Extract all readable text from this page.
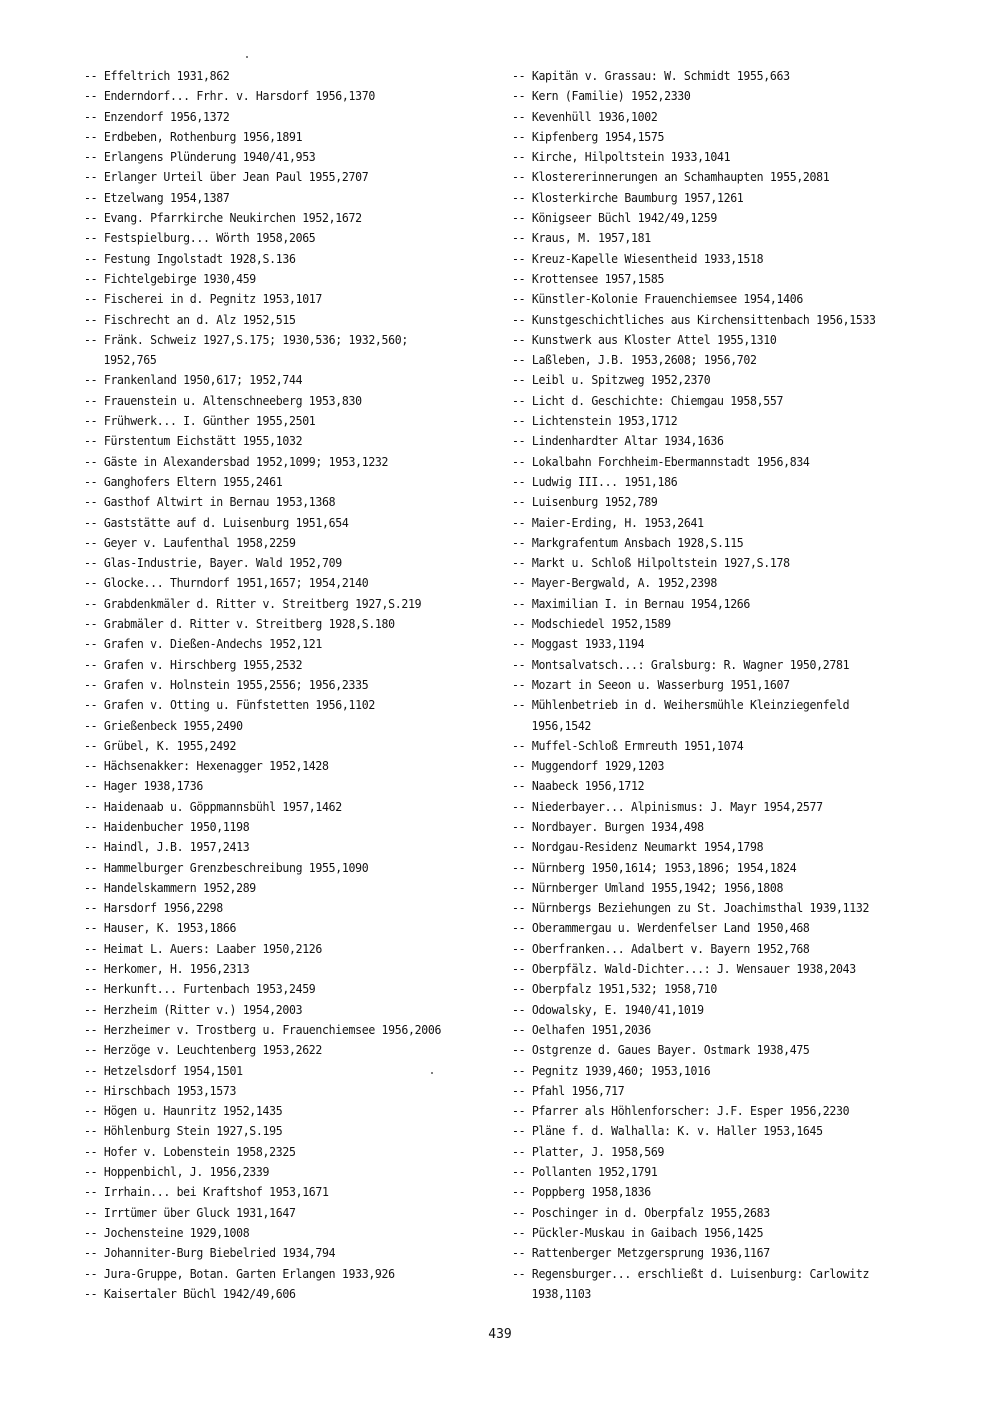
-- Effeltrich 1931,862
-- Enderndorf... Frhr. v. Harsdorf 1956,1370
-- Enzendorf 1956,1372
-- Erdbeben, Rothenburg 1956,1891
-- Erlangens Plünderung 1940/41,953
-- Erlanger Urteil über Jean Paul 1955,2707
-- Etzelwang 1954,1387
-- Evang. Pfarrkirche Neukirchen 1952,1672
-- Festspielburg... Wörth 1958,2065
-- Festung Ingolstadt 1928,S.136
-- Fichtelgebirge 1930,459
-- Fischerei in d. Pegnitz 1953,1017
-- Fischrecht an d. Alz 1952,515
-- Fränk. Schweiz 1927,S.175; 1930,536; 1932,560;
1952,765
-- Frankenland 1950,617; 1952,744
-- Frauenstein u. Altenschneeberg 1953,830
-- Frühwerk... I. Günther 1955,2501
-- Fürstentum Eichstätt 1955,1032
-- Gäste in Alexandersbad 1952,1099; 1953,1232
-- Ganghofers Eltern 1955,2461
-- Gasthof Altwirt in Bernau 1953,1368
-- Gaststätte auf d. Luisenburg 1951,654
-- Geyer v. Laufenthal 1958,2259
-- Glas-Industrie, Bayer. Wald 1952,709
-- Glocke... Thurndorf 1951,1657; 1954,2140
-- Grabdenkmäler d. Ritter v. Streitberg 1927,S.219
-- Grabmäler d. Ritter v. Streitberg 1928,S.180
-- Grafen v. Dießen-Andechs 1952,121
-- Grafen v. Hirschberg 1955,2532
-- Grafen v. Holnstein 1955,2556; 1956,2335
-- Grafen v. Otting u. Fünfstetten 1956,1102
-- Grießenbeck 1955,2490
-- Grübel, K. 1955,2492
-- Hächsenakker: Hexenagger 1952,1428
-- Hager 1938,1736
-- Haidenaab u. Göppmannsbühl 1957,1462
-- Haidenbucher 1950,1198
-- Haindl, J.B. 1957,2413
-- Hammelburger Grenzbeschreibung 1955,1090
-- Handelskammern 1952,289
-- Harsdorf 1956,2298
-- Hauser, K. 1953,1866
-- Heimat L. Auers: Laaber 1950,2126
-- Herkomer, H. 1956,2313
-- Herkunft... Furtenbach 1953,2459
-- Herzheim (Ritter v.) 1954,2003
-- Herzheimer v. Trostberg u. Frauenchiemsee 1956,2006
-- Herzöge v. Leuchtenberg 1953,2622
-- Hetzelsdorf 1954,1501
-- Hirschbach 1953,1573
-- Högen u. Haunritz 1952,1435
-- Höhlenburg Stein 1927,S.195
-- Hofer v. Lobenstein 1958,2325
-- Hoppenbichl, J. 1956,2339
-- Irrhain... bei Kraftshof 1953,1671
-- Irrtümer über Gluck 1931,1647
-- Jochensteine 1929,1008
-- Johanniter-Burg Biebelried 1934,794
-- Jura-Gruppe, Botan. Garten Erlangen 1933,926
-- Kaisertaler Büchl 1942/49,606
-- Kapitän v. Grassau: W. Schmidt 1955,663
-- Kern (Familie) 1952,2330
-- Kevenhüll 1936,1002
-- Kipfenberg 1954,1575
-- Kirche, Hilpoltstein 1933,1041
-- Klostererinnerungen an Schamhaupten 1955,2081
-- Klosterkirche Baumburg 1957,1261
-- Königseer Büchl 1942/49,1259
-- Kraus, M. 1957,181
-- Kreuz-Kapelle Wiesentheid 1933,1518
-- Krottensee 1957,1585
-- Künstler-Kolonie Frauenchiemsee 1954,1406
-- Kunstgeschichtliches aus Kirchensittenbach 1956,1533
-- Kunstwerk aus Kloster Attel 1955,1310
-- Laßleben, J.B. 1953,2608; 1956,702
-- Leibl u. Spitzweg 1952,2370
-- Licht d. Geschichte: Chiemgau 1958,557
-- Lichtenstein 1953,1712
-- Lindenhardter Altar 1934,1636
-- Lokalbahn Forchheim-Ebermannstadt 1956,834
-- Ludwig III... 1951,186
-- Luisenburg 1952,789
-- Maier-Erding, H. 1953,2641
-- Markgrafentum Ansbach 1928,S.115
-- Markt u. Schloß Hilpoltstein 1927,S.178
-- Mayer-Bergwald, A. 1952,2398
-- Maximilian I. in Bernau 1954,1266
-- Modschiedel 1952,1589
-- Moggast 1933,1194
-- Montsalvatsch...: Gralsburg: R. Wagner 1950,2781
-- Mozart in Seeon u. Wasserburg 1951,1607
-- Mühlenbetrieb in d. Weihersmühle Kleinziegenfeld
1956,1542
-- Muffel-Schloß Ermreuth 1951,1074
-- Muggendorf 1929,1203
-- Naabeck 1956,1712
-- Niederbayer... Alpinismus: J. Mayr 1954,2577
-- Nordbayer. Burgen 1934,498
-- Nordgau-Residenz Neumarkt 1954,1798
-- Nürnberg 1950,1614; 1953,1896; 1954,1824
-- Nürnberger Umland 1955,1942; 1956,1808
-- Nürnbergs Beziehungen zu St. Joachimsthal 1939,1132
-- Oberammergau u. Werdenfelser Land 1950,468
-- Oberfranken... Adalbert v. Bayern 1952,768
-- Oberpfälz. Wald-Dichter...: J. Wensauer 1938,2043
-- Oberpfalz 1951,532; 1958,710
-- Odowalsky, E. 1940/41,1019
-- Oelhafen 1951,2036
-- Ostgrenze d. Gaues Bayer. Ostmark 1938,475
-- Pegnitz 1939,460; 1953,1016
-- Pfahl 1956,717
-- Pfarrer als Höhlenforscher: J.F. Esper 1956,2230
-- Pläne f. d. Walhalla: K. v. Haller 1953,1645
-- Platter, J. 1958,569
-- Pollanten 1952,1791
-- Poppberg 1958,1836
-- Poschinger in d. Oberpfalz 1955,2683
-- Pückler-Muskau in Gaibach 1956,1425
-- Rattenberger Metzgersprung 1936,1167
-- Regensburger... erschließt d. Luisenburg: Carlowitz
1938,1103
439
